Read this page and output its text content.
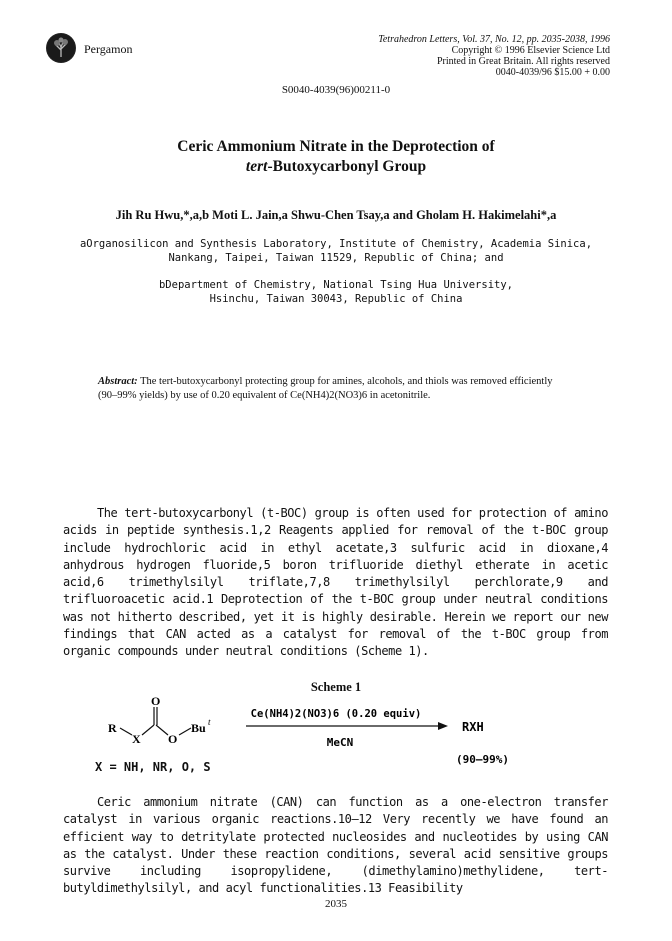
Pergamon
Tetrahedron Letters, Vol. 37, No. 12, pp. 2035-2038, 1996
Copyright © 1996 Elsevier Science Ltd
Printed in Great Britain. All rights reserved
0040-4039/96 $15.00 + 0.00
S0040-4039(96)00211-0
Ceric Ammonium Nitrate in the Deprotection of
tert-Butoxycarbonyl Group
Jih Ru Hwu,*,a,b Moti L. Jain,a Shwu-Chen Tsay,a and Gholam H. Hakimelahi*,a
aOrganosilicon and Synthesis Laboratory, Institute of Chemistry, Academia Sinica,
Nankang, Taipei, Taiwan 11529, Republic of China; and
bDepartment of Chemistry, National Tsing Hua University,
Hsinchu, Taiwan 30043, Republic of China
Abstract: The tert-butoxycarbonyl protecting group for amines, alcohols, and thiols was removed efficiently (90–99% yields) by use of 0.20 equivalent of Ce(NH4)2(NO3)6 in acetonitrile.
The tert-butoxycarbonyl (t-BOC) group is often used for protection of amino acids in peptide synthesis.1,2 Reagents applied for removal of the t-BOC group include hydrochloric acid in ethyl acetate,3 sulfuric acid in dioxane,4 anhydrous hydrogen fluoride,5 boron trifluoride diethyl etherate in acetic acid,6 trimethylsilyl triflate,7,8 trimethylsilyl perchlorate,9 and trifluoroacetic acid.1 Deprotection of the t-BOC group under neutral conditions was not hitherto described, yet it is highly desirable. Herein we report our new findings that CAN acted as a catalyst for removal of the t-BOC group from organic compounds under neutral conditions (Scheme 1).
Scheme 1
R
X
O
O
Bu t
Ce(NH4)2(NO3)6 (0.20 equiv)
MeCN
RXH
(90–99%)
X = NH, NR, O, S
Ceric ammonium nitrate (CAN) can function as a one-electron transfer catalyst in various organic reactions.10–12 Very recently we have found an efficient way to detritylate protected nucleosides and nucleotides by using CAN as the catalyst. Under these reaction conditions, several acid sensitive groups survive including isopropylidene, (dimethylamino)methylidene, tert-butyldimethylsilyl, and acyl functionalities.13 Feasibility
2035
